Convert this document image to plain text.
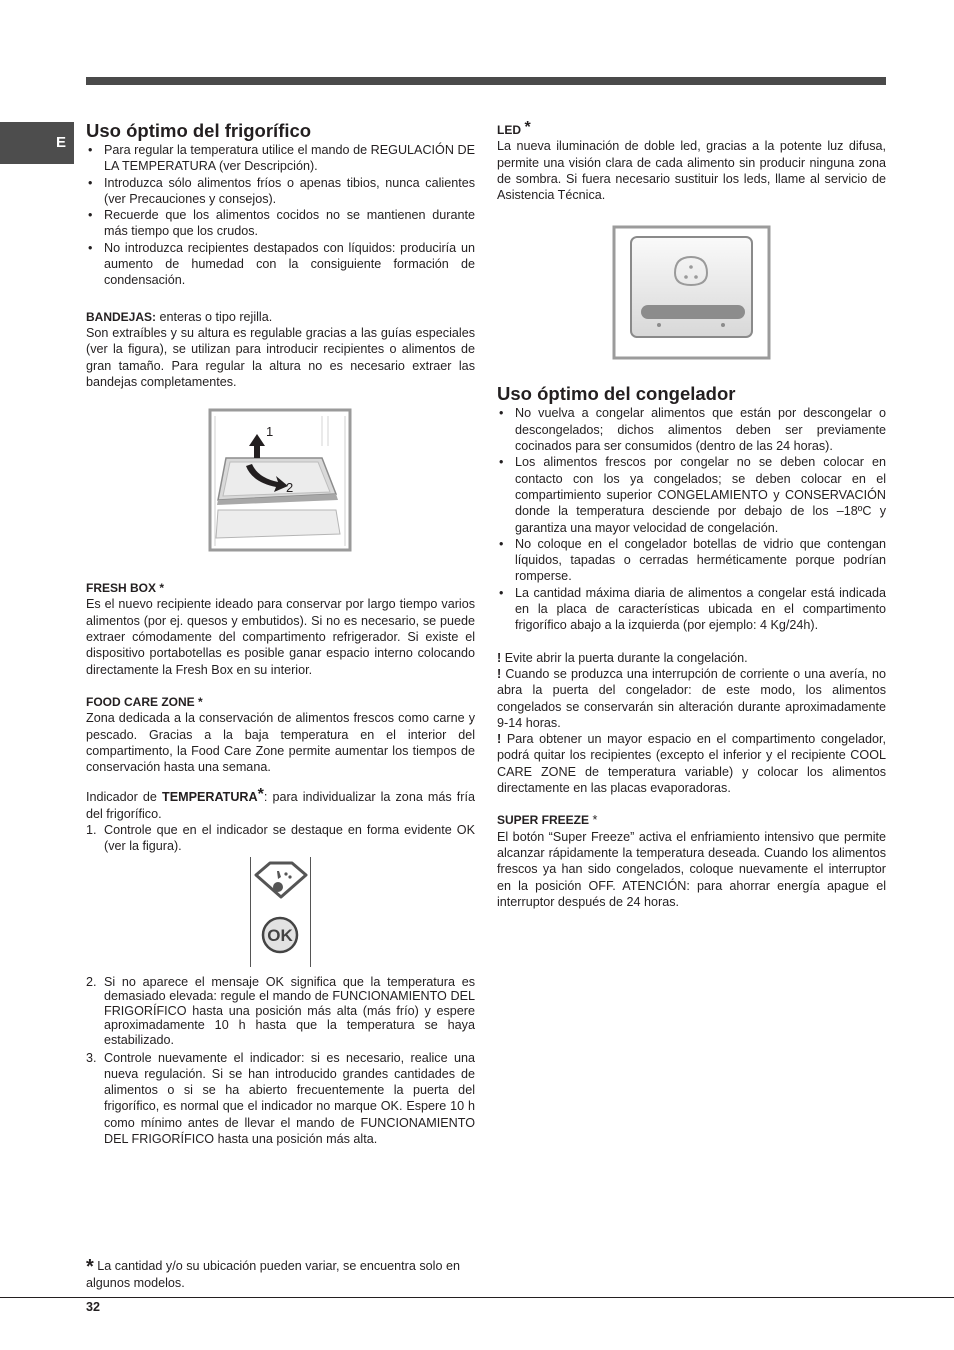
E
Uso óptimo del frigorífico
• Para regular la temperatura utilice el mando de REGULACIÓN DE LA TEMPERATURA (ver Descripción).
• Introduzca sólo alimentos fríos o apenas tibios, nunca calientes (ver Precauciones y consejos).
• Recuerde que los alimentos cocidos no se mantienen durante más tiempo que los crudos.
• No introduzca recipientes destapados con líquidos: produciría un aumento de humedad con la consiguiente formación de condensación.

BANDEJAS: enteras o tipo rejilla.

Son extraíbles y su altura es regulable gracias a las guías especiales (ver la figura), se utilizan para introducir recipientes o alimentos de gran tamaño. Para regular la altura no es necesario extraer las bandejas completamentes.

1
2

FRESH BOX *

Es el nuevo recipiente ideado para conservar por largo tiempo varios alimentos (por ej. quesos y embutidos). Si no es necesario, se puede extraer cómodamente del compartimento refrigerador. Si existe el dispositivo portabotellas es posible ganar espacio interno colocando directamente la Fresh Box en su interior.

FOOD CARE ZONE *

Zona dedicada a la conservación de alimentos frescos como carne y pescado. Gracias a la baja temperatura en el interior del compartimento, la Food Care Zone permite aumentar los tiempos de conservación hasta una semana.

Indicador de TEMPERATURA*: para individualizar la zona más fría del frigorífico.

1. Controle que en el indicador se destaque en forma evidente OK (ver la figura).
OK
2. Si no aparece el mensaje OK significa que la temperatura es demasiado elevada: regule el mando de FUNCIONAMIENTO DEL FRIGORÍFICO hasta una posición más alta (más frío) y espere aproximadamente 10 h hasta que la temperatura se haya estabilizado.
3. Controle nuevamente el indicador: si es necesario, realice una nueva regulación. Si se han introducido grandes cantidades de alimentos o si se ha abierto frecuentemente la puerta del frigorífico, es normal que el indicador no marque OK. Espere 10 h como mínimo antes de llevar el mando de FUNCIONAMIENTO DEL FRIGORÍFICO hasta una posición más alta.

LED *

La nueva iluminación de doble led, gracias a la potente luz difusa, permite una visión clara de cada alimento sin producir ninguna zona de sombra. Si fuera necesario sustituir los leds, llame al servicio de Asistencia Técnica.

Uso óptimo del congelador
• No vuelva a congelar alimentos que están por descongelar o descongelados; dichos alimentos deben ser previamente cocinados para ser consumidos (dentro de las 24 horas).
• Los alimentos frescos por congelar no se deben colocar en contacto con los ya congelados; se deben colocar en el compartimiento superior CONGELAMIENTO y CONSERVACIÓN donde la temperatura desciende por debajo de los –18ºC y garantiza una mayor velocidad de congelación.
• No coloque en el congelador botellas de vidrio que contengan líquidos, tapadas o cerradas herméticamente porque podrían romperse.
• La cantidad máxima diaria de alimentos a congelar está indicada en la placa de características ubicada en el compartimento frigorífico abajo a la izquierda (por ejemplo: 4 Kg/24h).

! Evite abrir la puerta durante la congelación.

! Cuando se produzca una interrupción de corriente o una avería, no abra la puerta del congelador: de este modo, los alimentos congelados se conservarán sin alteración durante aproximadamente 9-14 horas.

! Para obtener un mayor espacio en el compartimento congelador, podrá quitar los recipientes (excepto el inferior y el recipiente COOL CARE ZONE de temperatura variable) y colocar los alimentos directamente en las placas evaporadoras.

SUPER FREEZE *

El botón “Super Freeze” activa el enfriamiento intensivo que permite alcanzar rápidamente la temperatura deseada. Cuando los alimentos frescos ya han sido congelados, coloque nuevamente el interruptor en la posición OFF. ATENCIÓN: para ahorrar energía apague el interruptor después de 24 horas.

* La cantidad y/o su ubicación pueden variar, se encuentra solo en algunos modelos.
32
